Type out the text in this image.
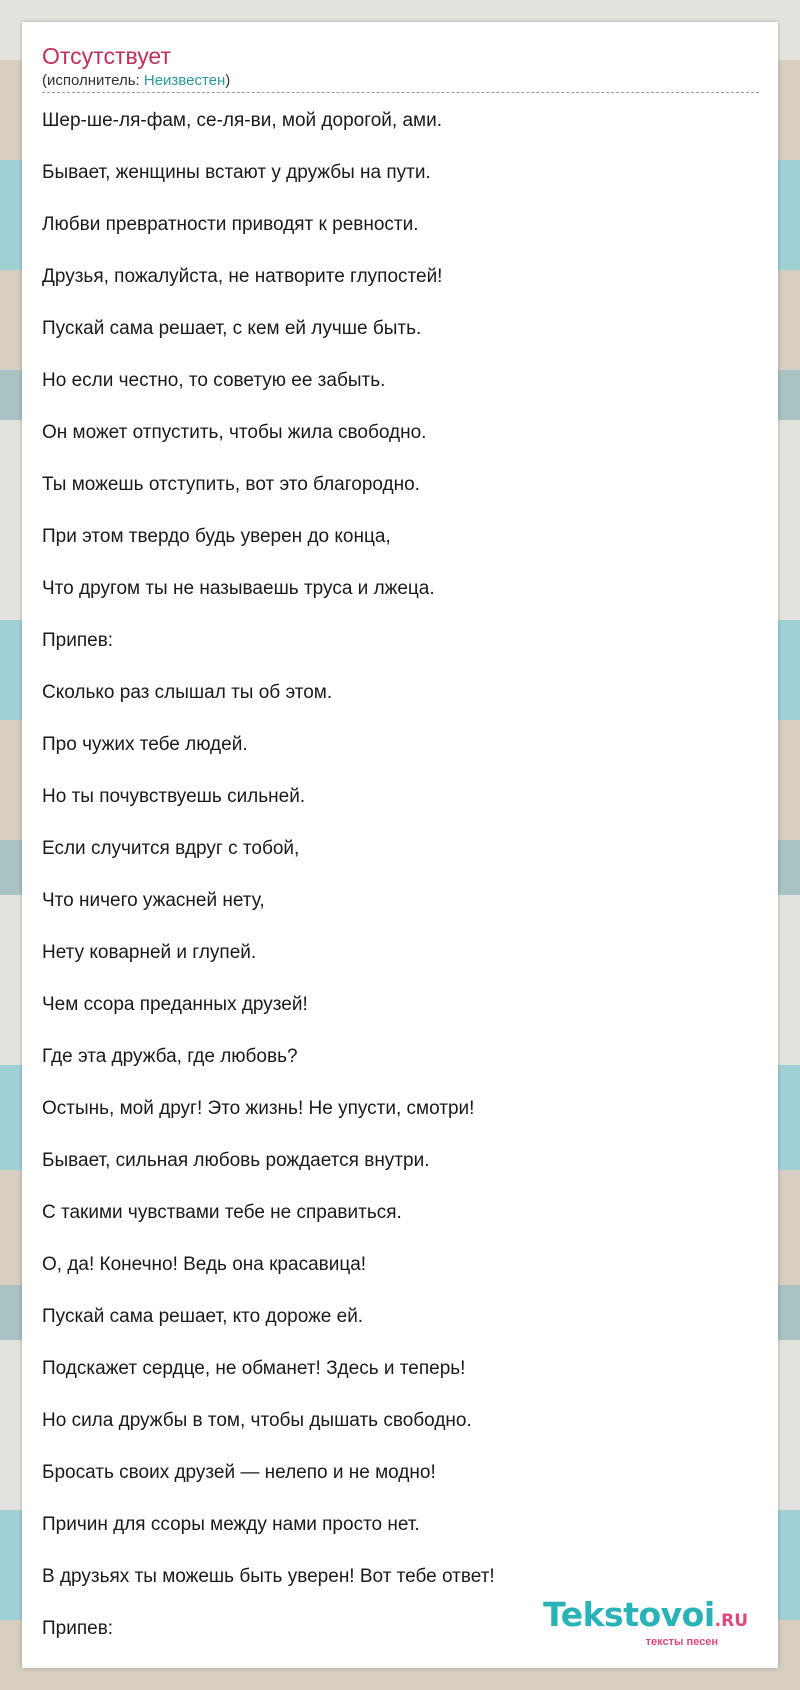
Отсутствует
(исполнитель: Неизвестен)
Шер-ше-ля-фам, се-ля-ви, мой дорогой, ами.
Бывает, женщины встают у дружбы на пути.
Любви превратности приводят к ревности.
Друзья, пожалуйста, не натворите глупостей!
Пускай сама решает, с кем ей лучше быть.
Но если честно, то советую ее забыть.
Он может отпустить, чтобы жила свободно.
Ты можешь отступить, вот это благородно.
При этом твердо будь уверен до конца,
Что другом ты не называешь труса и лжеца.
Припев:
Сколько раз слышал ты об этом.
Про чужих тебе людей.
Но ты почувствуешь сильней.
Если случится вдруг с тобой,
Что ничего ужасней нету,
Нету коварней и глупей.
Чем ссора преданных друзей!
Где эта дружба, где любовь?
Остынь, мой друг! Это жизнь! Не упусти, смотри!
Бывает, сильная любовь рождается внутри.
С такими чувствами тебе не справиться.
О, да! Конечно! Ведь она красавица!
Пускай сама решает, кто дороже ей.
Подскажет сердце, не обманет! Здесь и теперь!
Но сила дружбы в том, чтобы дышать свободно.
Бросать своих друзей — нелепо и не модно!
Причин для ссоры между нами просто нет.
В друзьях ты можешь быть уверен! Вот тебе ответ!
Припев:	Tekstovoi.RU
тексты песен
